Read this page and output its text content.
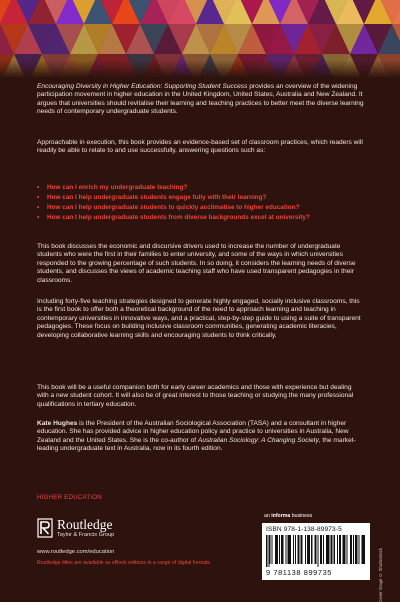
Encouraging Diversity in Higher Education: Supporting Student Success provides an overview of the widening participation movement in higher education in the United Kingdom, United States, Australia and New Zealand. It argues that universities should revitalise their learning and teaching practices to better meet the diverse learning needs of contemporary undergraduate students.

Approachable in execution, this book provides an evidence-based set of classroom practices, which readers will readily be able to relate to and use successfully, answering questions such as:

• How can I enrich my undergraduate teaching?
• How can I help undergraduate students engage fully with their learning?
• How can I help undergraduate students to quickly acclimatise to higher education?
• How can I help undergraduate students from diverse backgrounds excel at university?

This book discusses the economic and discursive drivers used to increase the number of undergraduate students who were the first in their families to enter university, and some of the ways in which universities responded to the growing percentage of such students. In so doing, it considers the learning needs of diverse students, and discusses the views of academic teaching staff who have used transparent pedagogies in their classrooms.

Including forty-five teaching strategies designed to generate highly engaged, socially inclusive classrooms, this is the first book to offer both a theoretical background of the need to approach learning and teaching in contemporary universities in innovative ways, and a practical, step-by-step guide to using a suite of transparent pedagogies. These focus on building inclusive classroom communities, generating academic literacies, developing collaborative learning skills and encouraging students to think critically.

This book will be a useful companion both for early career academics and those with experience but dealing with a new student cohort. It will also be of great interest to those teaching or studying the many professional qualifications in tertiary education.

Kate Hughes is the President of the Australian Sociological Association (TASA) and a consultant in higher education. She has provided advice in higher education policy and practice to universities in Australia, New Zealand and the United States. She is the co-author of Australian Sociology: A Changing Society, the market-leading undergraduate text in Australia, now in its fourth edition.

HIGHER EDUCATION
Routledge
Taylor & Francis Group
www.routledge.com/education
Routledge titles are available as eBook editions in a range of digital formats
an informa business
ISBN 978-1-138-89973-5
9 781138 899735	Cover image © Shutterstock
